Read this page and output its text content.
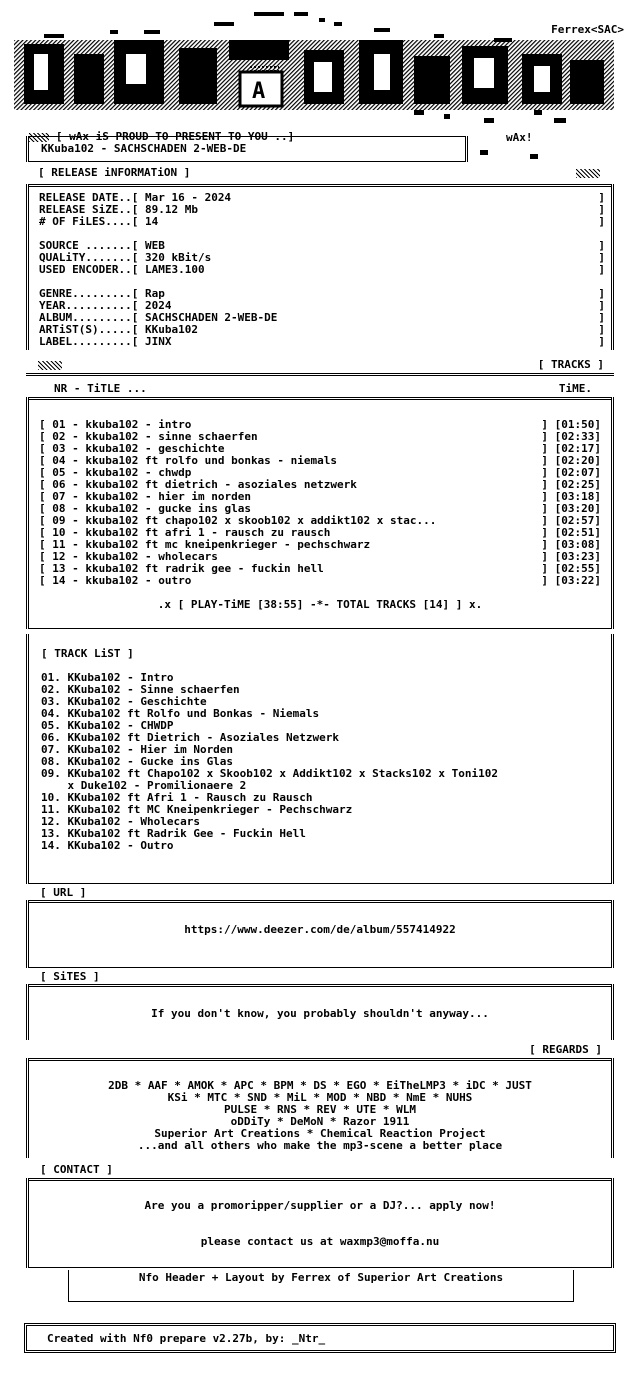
Ferrex<SAC>
A

[ wAx iS PROUD TO PRESENT TO YOU ..]	wAx!
KKuba102 - SACHSCHADEN 2-WEB-DE
[ RELEASE iNFORMATiON ]
RELEASE DATE..[ Mar 16 - 2024	]
RELEASE SiZE..[ 89.12 Mb	]
# OF FiLES....[ 14	]
SOURCE .......[ WEB	]
QUALiTY.......[ 320 kBit/s	]
USED ENCODER..[ LAME3.100	]
GENRE.........[ Rap	]
YEAR..........[ 2024	]
ALBUM.........[ SACHSCHADEN 2-WEB-DE	]
ARTiST(S).....[ KKuba102	]
LABEL.........[ JINX	]
[ TRACKS ]
NR - TiTLE ...	TiME.
[ 01 - kkuba102 - intro	] [01:50]
[ 02 - kkuba102 - sinne schaerfen	] [02:33]
[ 03 - kkuba102 - geschichte	] [02:17]
[ 04 - kkuba102 ft rolfo und bonkas - niemals	] [02:20]
[ 05 - kkuba102 - chwdp	] [02:07]
[ 06 - kkuba102 ft dietrich - asoziales netzwerk	] [02:25]
[ 07 - kkuba102 - hier im norden	] [03:18]
[ 08 - kkuba102 - gucke ins glas	] [03:20]
[ 09 - kkuba102 ft chapo102 x skoob102 x addikt102 x stac...	] [02:57]
[ 10 - kkuba102 ft afri 1 - rausch zu rausch	] [02:51]
[ 11 - kkuba102 ft mc kneipenkrieger - pechschwarz	] [03:08]
[ 12 - kkuba102 - wholecars	] [03:23]
[ 13 - kkuba102 ft radrik gee - fuckin hell	] [02:55]
[ 14 - kkuba102 - outro	] [03:22]
.x [ PLAY-TiME [38:55] -*- TOTAL TRACKS [14] ] x.
[ TRACK LiST ]
01. KKuba102 - Intro
02. KKuba102 - Sinne schaerfen
03. KKuba102 - Geschichte
04. KKuba102 ft Rolfo und Bonkas - Niemals
05. KKuba102 - CHWDP
06. KKuba102 ft Dietrich - Asoziales Netzwerk
07. KKuba102 - Hier im Norden
08. KKuba102 - Gucke ins Glas
09. KKuba102 ft Chapo102 x Skoob102 x Addikt102 x Stacks102 x Toni102
x Duke102 - Promilionaere 2
10. KKuba102 ft Afri 1 - Rausch zu Rausch
11. KKuba102 ft MC Kneipenkrieger - Pechschwarz
12. KKuba102 - Wholecars
13. KKuba102 ft Radrik Gee - Fuckin Hell
14. KKuba102 - Outro
[ URL ]
https://www.deezer.com/de/album/557414922
[ SiTES ]
If you don't know, you probably shouldn't anyway...
[ REGARDS ]
2DB * AAF * AMOK * APC * BPM * DS * EGO * EiTheLMP3 * iDC * JUST
KSi * MTC * SND * MiL * MOD * NBD * NmE * NUHS
PULSE * RNS * REV * UTE * WLM
oDDiTy * DeMoN * Razor 1911
Superior Art Creations * Chemical Reaction Project
...and all others who make the mp3-scene a better place
[ CONTACT ]
Are you a promoripper/supplier or a DJ?... apply now!
please contact us at waxmp3@moffa.nu
Nfo Header + Layout by Ferrex of Superior Art Creations
Created with Nf0 prepare v2.27b, by: _Ntr_
